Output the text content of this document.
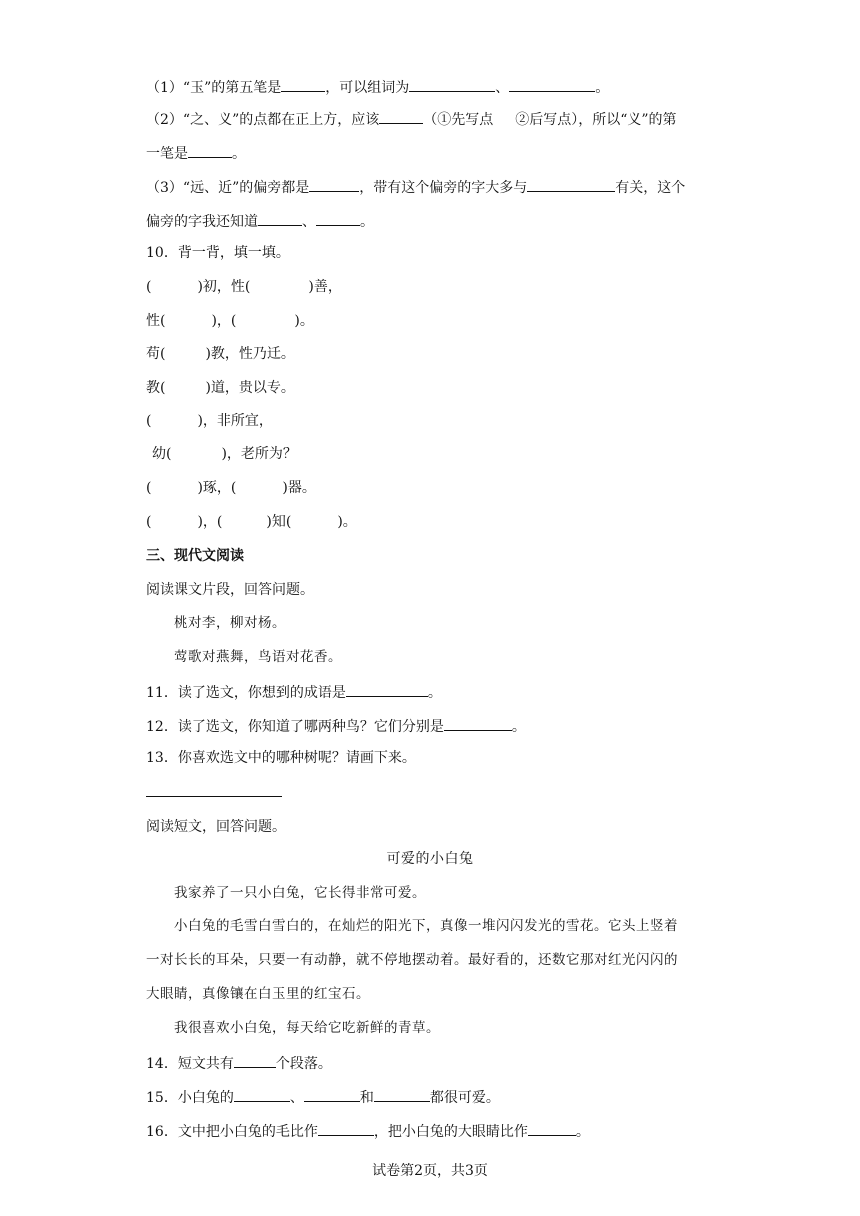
（1）“玉”的第五笔是	，可以组词为	、	。
（2）“之、义”的点都在正上方，应该	（①先写点 ②后写点），所以“义”的第
一笔是	。
（3）“远、近”的偏旁都是	，带有这个偏旁的字大多与	有关，这个
偏旁的字我还知道	、	。
10．背一背，填一填。
(	)初，性(	)善，
性(	)，(	)。
苟(	)教，性乃迁。
教(	)道，贵以专。
(	)，非所宜，
幼(	)，老所为？
(	)琢，(	)器。
(	)，(	)知(	)。
三、现代文阅读
阅读课文片段，回答问题。
桃对李，柳对杨。
莺歌对燕舞，鸟语对花香。
11．读了选文，你想到的成语是	。
12．读了选文，你知道了哪两种鸟？它们分别是	。
13．你喜欢选文中的哪种树呢？请画下来。
阅读短文，回答问题。
可爱的小白兔
我家养了一只小白兔，它长得非常可爱。
小白兔的毛雪白雪白的，在灿烂的阳光下，真像一堆闪闪发光的雪花。它头上竖着
一对长长的耳朵，只要一有动静，就不停地摆动着。最好看的，还数它那对红光闪闪的
大眼睛，真像镶在白玉里的红宝石。
我很喜欢小白兔，每天给它吃新鲜的青草。
14．短文共有	个段落。
15．小白兔的	、	和	都很可爱。
16．文中把小白兔的毛比作	，把小白兔的大眼睛比作	。
试卷第2页，共3页
